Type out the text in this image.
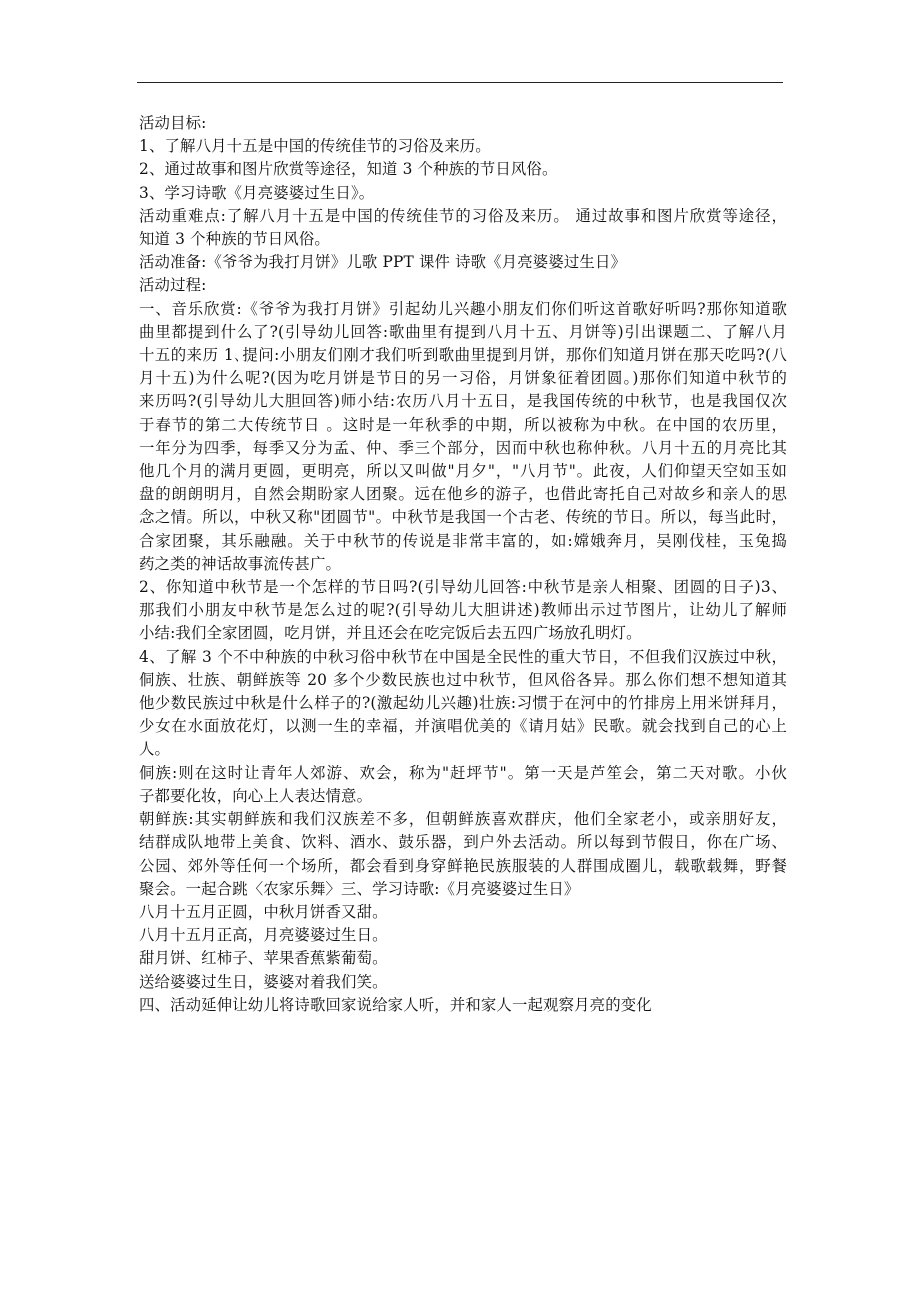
活动目标:
1、了解八月十五是中国的传统佳节的习俗及来历。
2、通过故事和图片欣赏等途径，知道 3 个种族的节日风俗。
3、学习诗歌《月亮婆婆过生日》。
活动重难点:了解八月十五是中国的传统佳节的习俗及来历。 通过故事和图片欣赏等途径，
知道 3 个种族的节日风俗。
活动准备:《爷爷为我打月饼》儿歌 PPT 课件 诗歌《月亮婆婆过生日》
活动过程:
一、音乐欣赏:《爷爷为我打月饼》引起幼儿兴趣小朋友们你们听这首歌好听吗?那你知道歌
曲里都提到什么了?(引导幼儿回答:歌曲里有提到八月十五、月饼等)引出课题二、了解八月
十五的来历 1､提问:小朋友们刚才我们听到歌曲里提到月饼，那你们知道月饼在那天吃吗?(八
月十五)为什么呢?(因为吃月饼是节日的另一习俗，月饼象征着团圆。)那你们知道中秋节的
来历吗?(引导幼儿大胆回答)师小结:农历八月十五日，是我国传统的中秋节，也是我国仅次
于春节的第二大传统节日 。这时是一年秋季的中期，所以被称为中秋。在中国的农历里，
一年分为四季，每季又分为孟、仲、季三个部分，因而中秋也称仲秋。八月十五的月亮比其
他几个月的满月更圆，更明亮，所以又叫做"月夕"，"八月节"。此夜，人们仰望天空如玉如
盘的朗朗明月，自然会期盼家人团聚。远在他乡的游子，也借此寄托自己对故乡和亲人的思
念之情。所以，中秋又称"团圆节"。中秋节是我国一个古老、传统的节日。所以，每当此时，
合家团聚，其乐融融。关于中秋节的传说是非常丰富的，如:嫦娥奔月，吴刚伐桂，玉兔捣
药之类的神话故事流传甚广。
2、你知道中秋节是一个怎样的节日吗?(引导幼儿回答:中秋节是亲人相聚、团圆的日子)3、
那我们小朋友中秋节是怎么过的呢?(引导幼儿大胆讲述)教师出示过节图片，让幼儿了解师
小结:我们全家团圆，吃月饼，并且还会在吃完饭后去五四广场放孔明灯。
4、了解 3 个不中种族的中秋习俗中秋节在中国是全民性的重大节日，不但我们汉族过中秋，
侗族、壮族、朝鲜族等 20 多个少数民族也过中秋节，但风俗各异。那么你们想不想知道其
他少数民族过中秋是什么样子的?(激起幼儿兴趣)壮族:习惯于在河中的竹排房上用米饼拜月，
少女在水面放花灯，以测一生的幸福，并演唱优美的《请月姑》民歌。就会找到自己的心上
人。
侗族:则在这时让青年人郊游、欢会，称为"赶坪节"。第一天是芦笙会，第二天对歌。小伙
子都要化妆，向心上人表达情意。
朝鲜族:其实朝鲜族和我们汉族差不多，但朝鲜族喜欢群庆，他们全家老小，或亲朋好友，
结群成队地带上美食、饮料、酒水、鼓乐器，到户外去活动。所以每到节假日，你在广场、
公园、郊外等任何一个场所，都会看到身穿鲜艳民族服装的人群围成圈儿，载歌载舞，野餐
聚会。一起合跳〈农家乐舞〉三、学习诗歌:《月亮婆婆过生日》
八月十五月正圆，中秋月饼香又甜。
八月十五月正高，月亮婆婆过生日。
甜月饼、红柿子、苹果香蕉紫葡萄。
送给婆婆过生日，婆婆对着我们笑。
四、活动延伸让幼儿将诗歌回家说给家人听，并和家人一起观察月亮的变化
